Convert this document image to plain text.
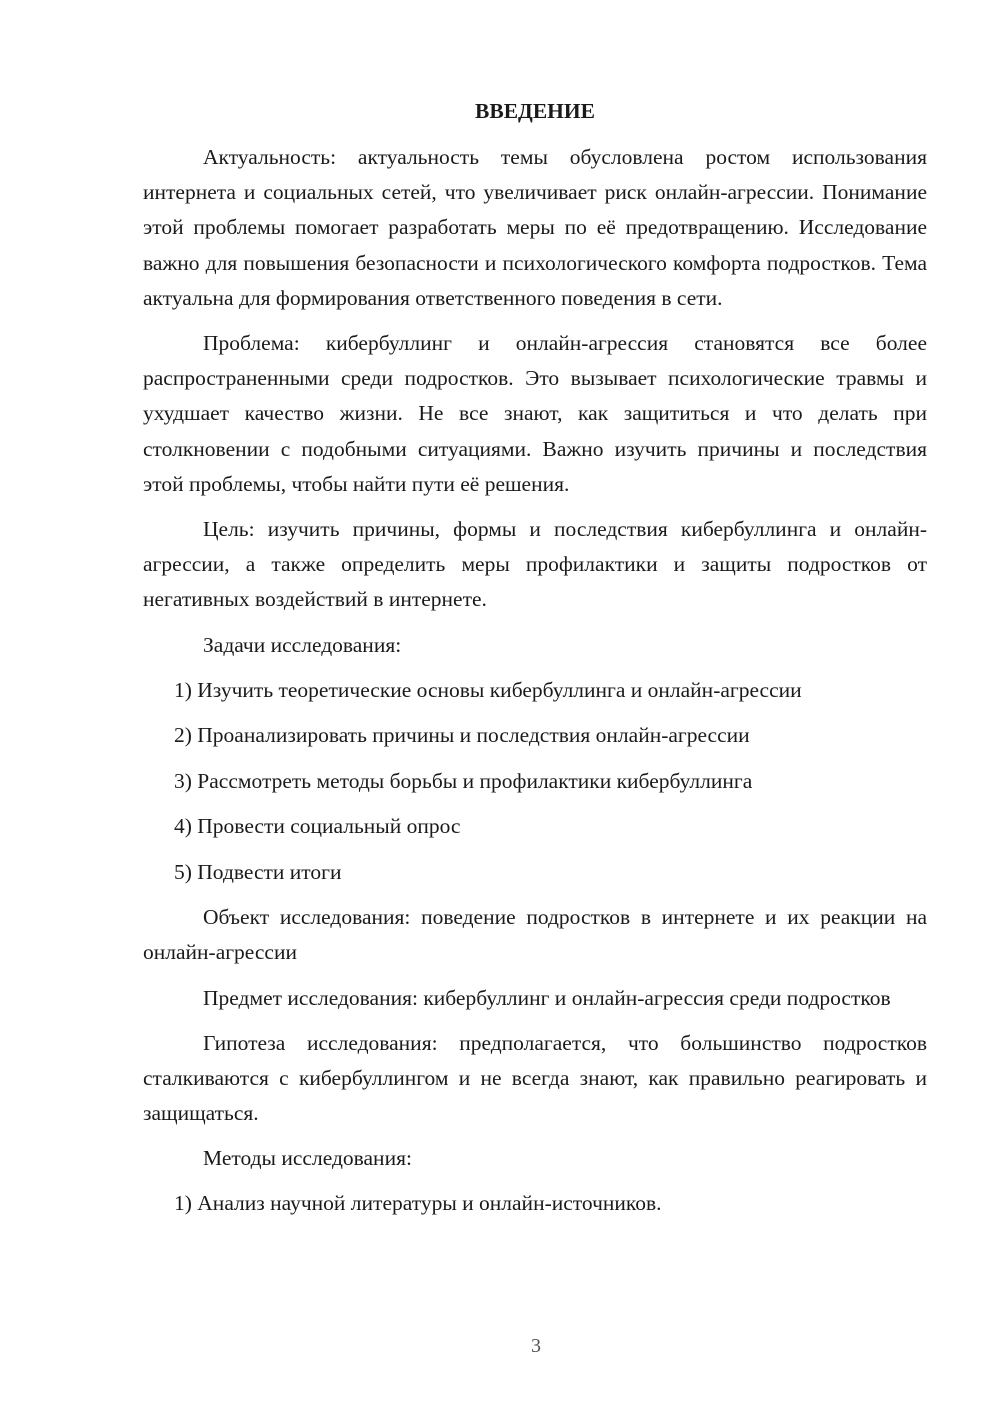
ВВЕДЕНИЕ

Актуальность: актуальность темы обусловлена ростом использования интернета и социальных сетей, что увеличивает риск онлайн-агрессии. Понимание этой проблемы помогает разработать меры по её предотвращению. Исследование важно для повышения безопасности и психологического комфорта подростков. Тема актуальна для формирования ответственного поведения в сети.

Проблема: кибербуллинг и онлайн-агрессия становятся все более распространенными среди подростков. Это вызывает психологические травмы и ухудшает качество жизни. Не все знают, как защититься и что делать при столкновении с подобными ситуациями. Важно изучить причины и последствия этой проблемы, чтобы найти пути её решения.

Цель: изучить причины, формы и последствия кибербуллинга и онлайн-агрессии, а также определить меры профилактики и защиты подростков от негативных воздействий в интернете.

Задачи исследования:

1) Изучить теоретические основы кибербуллинга и онлайн-агрессии
2) Проанализировать причины и последствия онлайн-агрессии
3) Рассмотреть методы борьбы и профилактики кибербуллинга
4) Провести социальный опрос
5) Подвести итоги

Объект исследования: поведение подростков в интернете и их реакции на онлайн-агрессии

Предмет исследования: кибербуллинг и онлайн-агрессия среди подростков

Гипотеза исследования: предполагается, что большинство подростков сталкиваются с кибербуллингом и не всегда знают, как правильно реагировать и защищаться.

Методы исследования:

1) Анализ научной литературы и онлайн-источников.
3
